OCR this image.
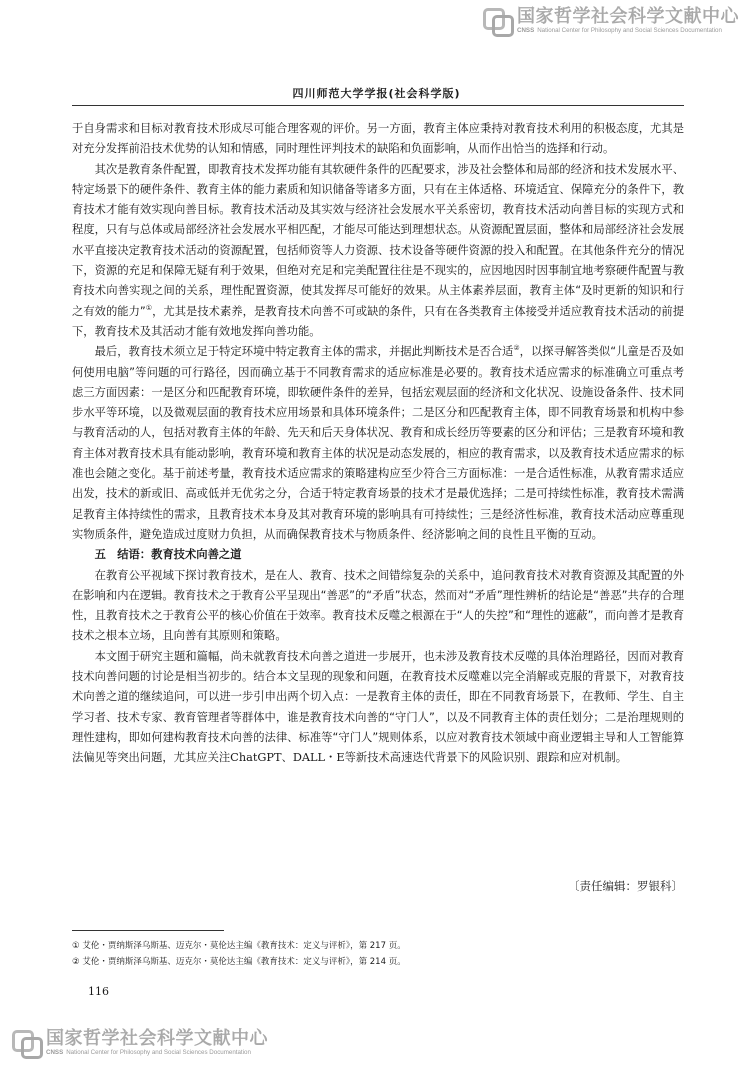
国家哲学社会科学文献中心
CNSS National Center for Philosophy and Social Sciences Documentation
四川师范大学学报(社会科学版)

于自身需求和目标对教育技术形成尽可能合理客观的评价。另一方面，教育主体应秉持对教育技术利用的积极态度，尤其是对充分发挥前沿技术优势的认知和情感，同时理性评判技术的缺陷和负面影响，从而作出恰当的选择和行动。

其次是教育条件配置，即教育技术发挥功能有其软硬件条件的匹配要求，涉及社会整体和局部的经济和技术发展水平、特定场景下的硬件条件、教育主体的能力素质和知识储备等诸多方面，只有在主体适格、环境适宜、保障充分的条件下，教育技术才能有效实现向善目标。教育技术活动及其实效与经济社会发展水平关系密切，教育技术活动向善目标的实现方式和程度，只有与总体或局部经济社会发展水平相匹配，才能尽可能达到理想状态。从资源配置层面，整体和局部经济社会发展水平直接决定教育技术活动的资源配置，包括师资等人力资源、技术设备等硬件资源的投入和配置。在其他条件充分的情况下，资源的充足和保障无疑有利于效果，但绝对充足和完美配置往往是不现实的，应因地因时因事制宜地考察硬件配置与教育技术向善实现之间的关系，理性配置资源，使其发挥尽可能好的效果。从主体素养层面，教育主体“及时更新的知识和行之有效的能力”①，尤其是技术素养，是教育技术向善不可或缺的条件，只有在各类教育主体接受并适应教育技术活动的前提下，教育技术及其活动才能有效地发挥向善功能。

最后，教育技术须立足于特定环境中特定教育主体的需求，并据此判断技术是否合适②，以探寻解答类似“儿童是否及如何使用电脑”等问题的可行路径，因而确立基于不同教育需求的适应标准是必要的。教育技术适应需求的标准确立可重点考虑三方面因素：一是区分和匹配教育环境，即软硬件条件的差异，包括宏观层面的经济和文化状况、设施设备条件、技术同步水平等环境，以及微观层面的教育技术应用场景和具体环境条件；二是区分和匹配教育主体，即不同教育场景和机构中参与教育活动的人，包括对教育主体的年龄、先天和后天身体状况、教育和成长经历等要素的区分和评估；三是教育环境和教育主体对教育技术具有能动影响，教育环境和教育主体的状况是动态发展的，相应的教育需求，以及教育技术适应需求的标准也会随之变化。基于前述考量，教育技术适应需求的策略建构应至少符合三方面标准：一是合适性标准，从教育需求适应出发，技术的新或旧、高或低并无优劣之分，合适于特定教育场景的技术才是最优选择；二是可持续性标准，教育技术需满足教育主体持续性的需求，且教育技术本身及其对教育环境的影响具有可持续性；三是经济性标准，教育技术活动应尊重现实物质条件，避免造成过度财力负担，从而确保教育技术与物质条件、经济影响之间的良性且平衡的互动。

五　结语：教育技术向善之道

在教育公平视域下探讨教育技术，是在人、教育、技术之间错综复杂的关系中，追问教育技术对教育资源及其配置的外在影响和内在逻辑。教育技术之于教育公平呈现出“善恶”的“矛盾”状态，然而对“矛盾”理性辨析的结论是“善恶”共存的合理性，且教育技术之于教育公平的核心价值在于效率。教育技术反噬之根源在于“人的失控”和“理性的遮蔽”，而向善才是教育技术之根本立场，且向善有其原则和策略。

本文囿于研究主题和篇幅，尚未就教育技术向善之道进一步展开，也未涉及教育技术反噬的具体治理路径，因而对教育技术向善问题的讨论是相当初步的。结合本文呈现的现象和问题，在教育技术反噬难以完全消解或克服的背景下，对教育技术向善之道的继续追问，可以进一步引申出两个切入点：一是教育主体的责任，即在不同教育场景下，在教师、学生、自主学习者、技术专家、教育管理者等群体中，谁是教育技术向善的“守门人”，以及不同教育主体的责任划分；二是治理规则的理性建构，即如何建构教育技术向善的法律、标准等“守门人”规则体系，以应对教育技术领域中商业逻辑主导和人工智能算法偏见等突出问题，尤其应关注ChatGPT、DALL・E等新技术高速迭代背景下的风险识别、跟踪和应对机制。

〔责任编辑：罗银科〕
① 艾伦・贾纳斯泽乌斯基、迈克尔・莫伦达主编《教育技术：定义与评析》，第 217 页。
② 艾伦・贾纳斯泽乌斯基、迈克尔・莫伦达主编《教育技术：定义与评析》，第 214 页。
116
国家哲学社会科学文献中心
CNSS National Center for Philosophy and Social Sciences Documentation
